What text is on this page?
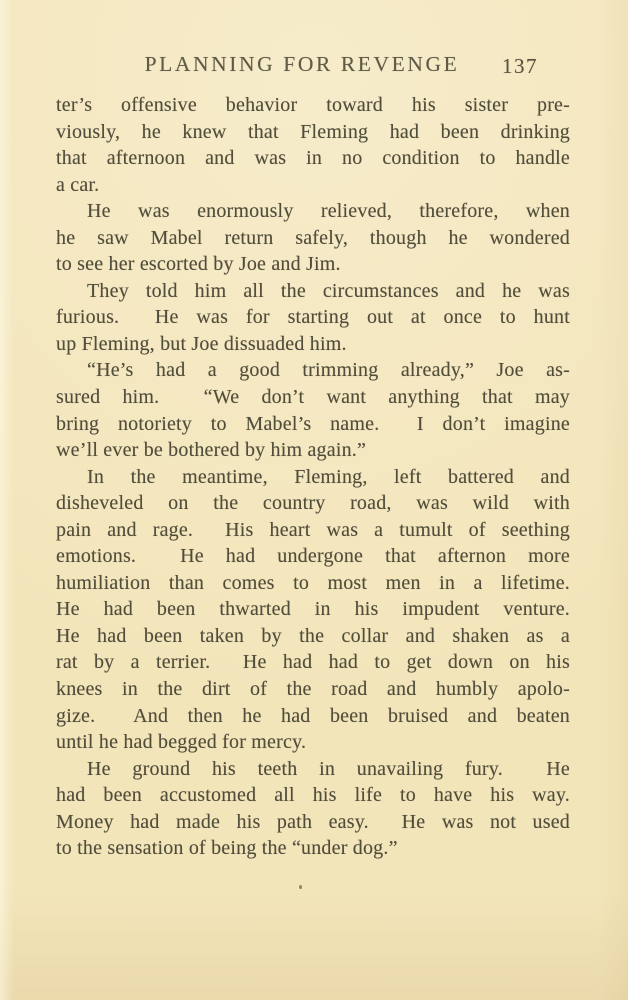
PLANNING FOR REVENGE	137
ter’s offensive behavior toward his sister pre-
viously, he knew that Fleming had been drinking
that afternoon and was in no condition to handle
a car.
He was enormously relieved, therefore, when
he saw Mabel return safely, though he wondered
to see her escorted by Joe and Jim.
They told him all the circumstances and he was
furious.  He was for starting out at once to hunt
up Fleming, but Joe dissuaded him.
“He’s had a good trimming already,” Joe as-
sured him.  “We don’t want anything that may
bring notoriety to Mabel’s name.  I don’t imagine
we’ll ever be bothered by him again.”
In the meantime, Fleming, left battered and
disheveled on the country road, was wild with
pain and rage.  His heart was a tumult of seething
emotions.  He had undergone that afternon more
humiliation than comes to most men in a lifetime.
He had been thwarted in his impudent venture.
He had been taken by the collar and shaken as a
rat by a terrier.  He had had to get down on his
knees in the dirt of the road and humbly apolo-
gize.  And then he had been bruised and beaten
until he had begged for mercy.
He ground his teeth in unavailing fury.  He
had been accustomed all his life to have his way.
Money had made his path easy.  He was not used
to the sensation of being the “under dog.”
